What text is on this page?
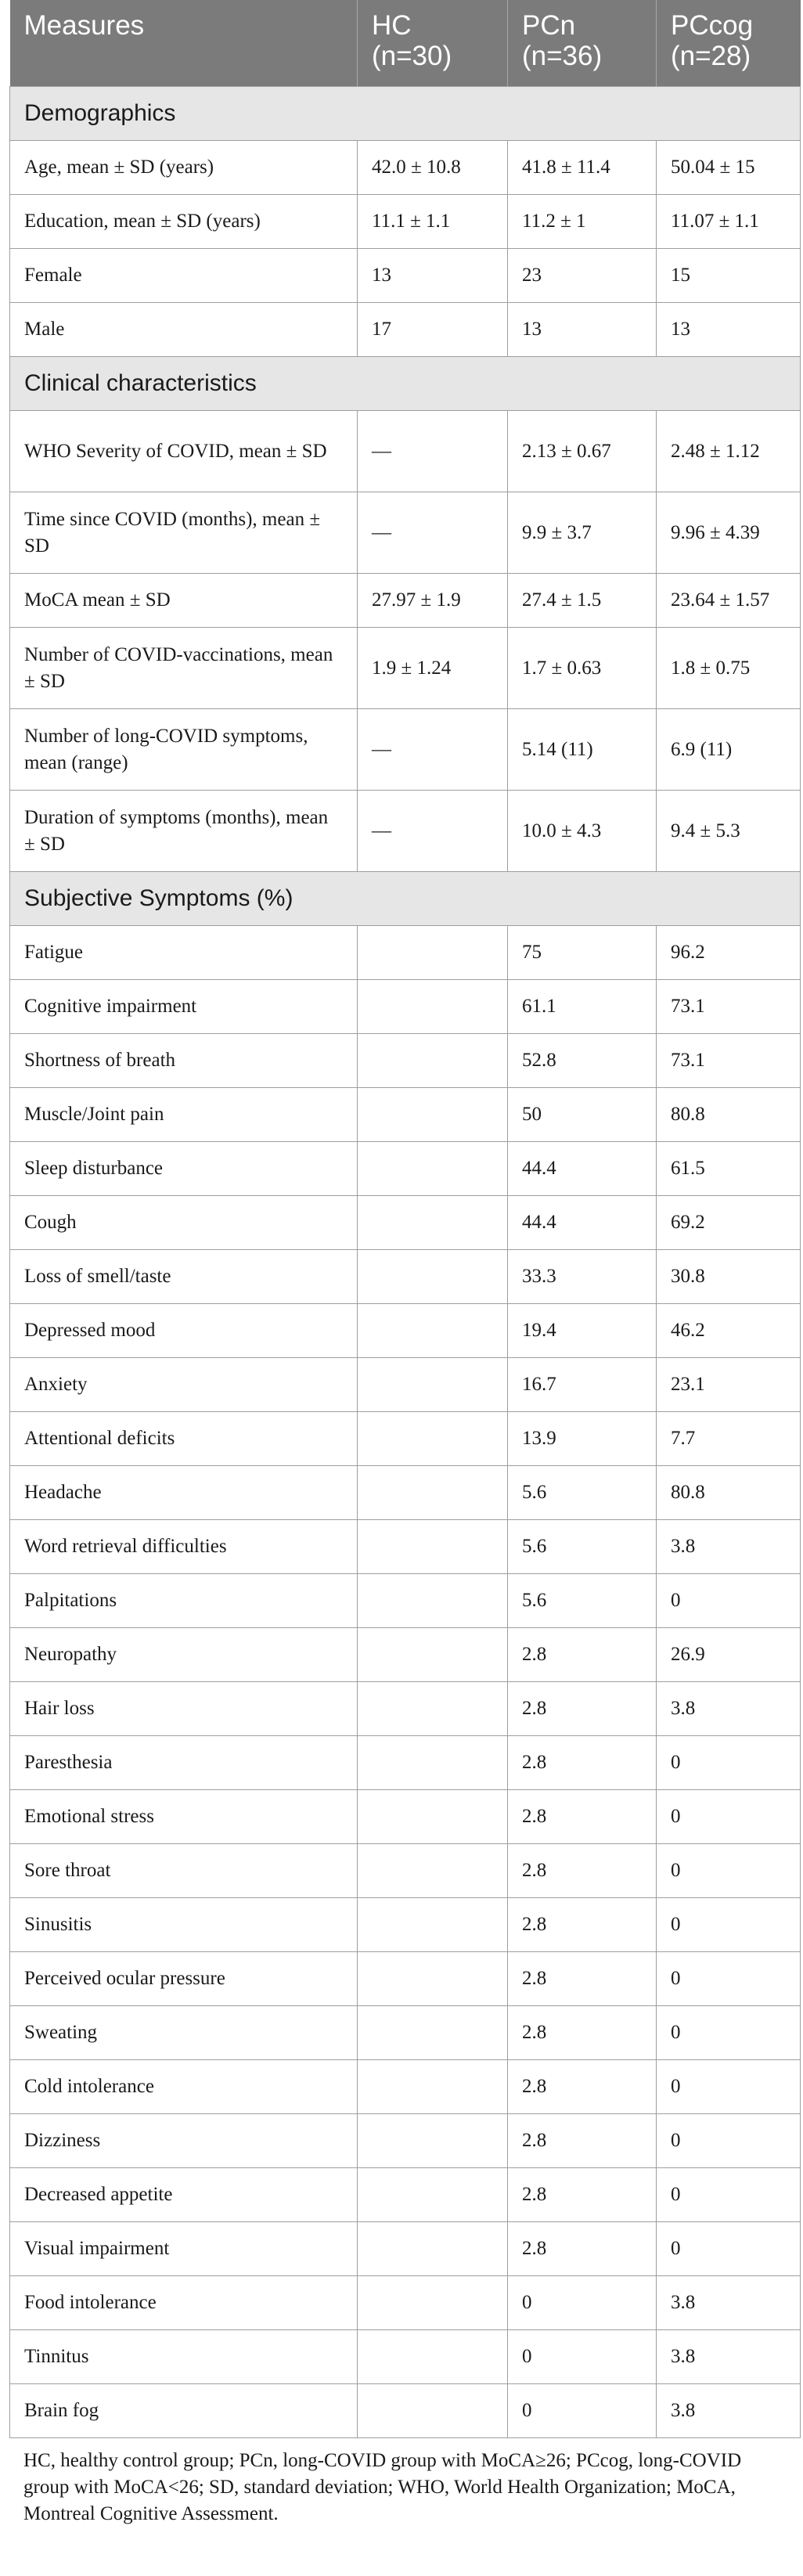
Measures	HC (n=30)	PCn (n=36)	PCcog (n=28)
Demographics			
Age, mean ± SD (years)	42.0 ± 10.8	41.8 ± 11.4	50.04 ± 15
Education, mean ± SD (years)	11.1 ± 1.1	11.2 ± 1	11.07 ± 1.1
Female	13	23	15
Male	17	13	13
Clinical characteristics			
WHO Severity of COVID, mean ± SD	—	2.13 ± 0.67	2.48 ± 1.12
Time since COVID (months), mean ± SD	—	9.9 ± 3.7	9.96 ± 4.39
MoCA mean ± SD	27.97 ± 1.9	27.4 ± 1.5	23.64 ± 1.57
Number of COVID-vaccinations, mean ± SD	1.9 ± 1.24	1.7 ± 0.63	1.8 ± 0.75
Number of long-COVID symptoms, mean (range)	—	5.14 (11)	6.9 (11)
Duration of symptoms (months), mean ± SD	—	10.0 ± 4.3	9.4 ± 5.3
Subjective Symptoms (%)			
Fatigue		75	96.2
Cognitive impairment		61.1	73.1
Shortness of breath		52.8	73.1
Muscle/Joint pain		50	80.8
Sleep disturbance		44.4	61.5
Cough		44.4	69.2
Loss of smell/taste		33.3	30.8
Depressed mood		19.4	46.2
Anxiety		16.7	23.1
Attentional deficits		13.9	7.7
Headache		5.6	80.8
Word retrieval difficulties		5.6	3.8
Palpitations		5.6	0
Neuropathy		2.8	26.9
Hair loss		2.8	3.8
Paresthesia		2.8	0
Emotional stress		2.8	0
Sore throat		2.8	0
Sinusitis		2.8	0
Perceived ocular pressure		2.8	0
Sweating		2.8	0
Cold intolerance		2.8	0
Dizziness		2.8	0
Decreased appetite		2.8	0
Visual impairment		2.8	0
Food intolerance		0	3.8
Tinnitus		0	3.8
Brain fog		0	3.8
HC, healthy control group; PCn, long-COVID group with MoCA≥26; PCcog, long-COVID group with MoCA<26; SD, standard deviation; WHO, World Health Organization; MoCA, Montreal Cognitive Assessment.
